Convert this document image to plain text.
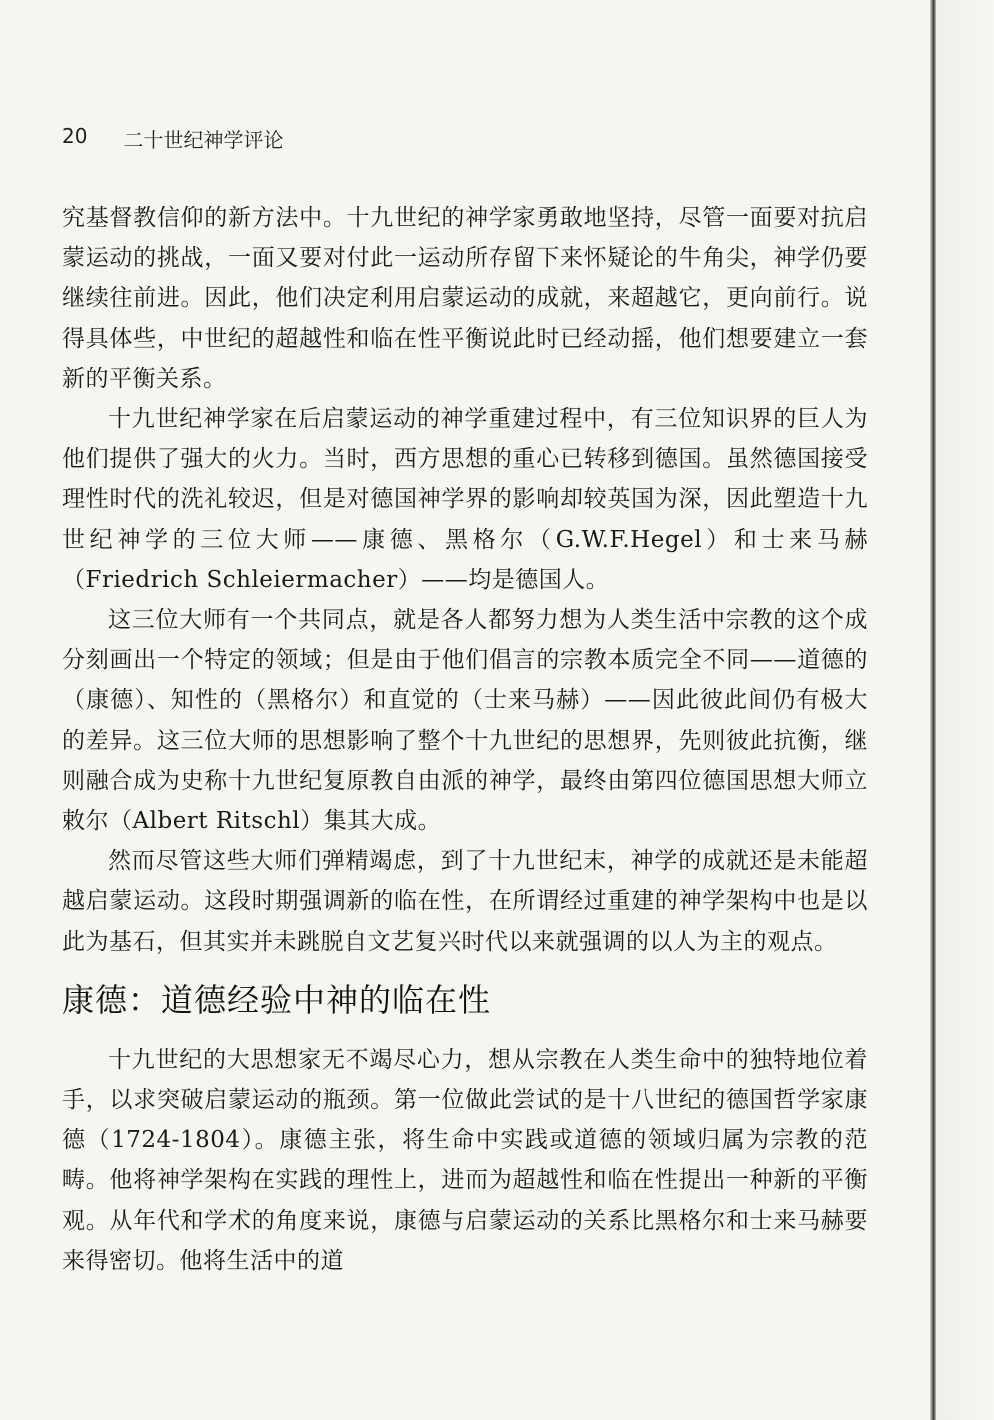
20 二十世纪神学评论

究基督教信仰的新方法中。十九世纪的神学家勇敢地坚持，尽管一面要对抗启蒙运动的挑战，一面又要对付此一运动所存留下来怀疑论的牛角尖，神学仍要继续往前进。因此，他们决定利用启蒙运动的成就，来超越它，更向前行。说得具体些，中世纪的超越性和临在性平衡说此时已经动摇，他们想要建立一套新的平衡关系。

十九世纪神学家在后启蒙运动的神学重建过程中，有三位知识界的巨人为他们提供了强大的火力。当时，西方思想的重心已转移到德国。虽然德国接受理性时代的洗礼较迟，但是对德国神学界的影响却较英国为深，因此塑造十九世纪神学的三位大师——康德、黑格尔（G.W.F.Hegel）和士来马赫（Friedrich Schleiermacher）——均是德国人。

这三位大师有一个共同点，就是各人都努力想为人类生活中宗教的这个成分刻画出一个特定的领域；但是由于他们倡言的宗教本质完全不同——道德的（康德）、知性的（黑格尔）和直觉的（士来马赫）——因此彼此间仍有极大的差异。这三位大师的思想影响了整个十九世纪的思想界，先则彼此抗衡，继则融合成为史称十九世纪复原教自由派的神学，最终由第四位德国思想大师立敕尔（Albert Ritschl）集其大成。

然而尽管这些大师们弹精竭虑，到了十九世纪末，神学的成就还是未能超越启蒙运动。这段时期强调新的临在性，在所谓经过重建的神学架构中也是以此为基石，但其实并未跳脱自文艺复兴时代以来就强调的以人为主的观点。

康德：道德经验中神的临在性

十九世纪的大思想家无不竭尽心力，想从宗教在人类生命中的独特地位着手，以求突破启蒙运动的瓶颈。第一位做此尝试的是十八世纪的德国哲学家康德（1724-1804）。康德主张，将生命中实践或道德的领域归属为宗教的范畴。他将神学架构在实践的理性上，进而为超越性和临在性提出一种新的平衡观。从年代和学术的角度来说，康德与启蒙运动的关系比黑格尔和士来马赫要来得密切。他将生活中的道
